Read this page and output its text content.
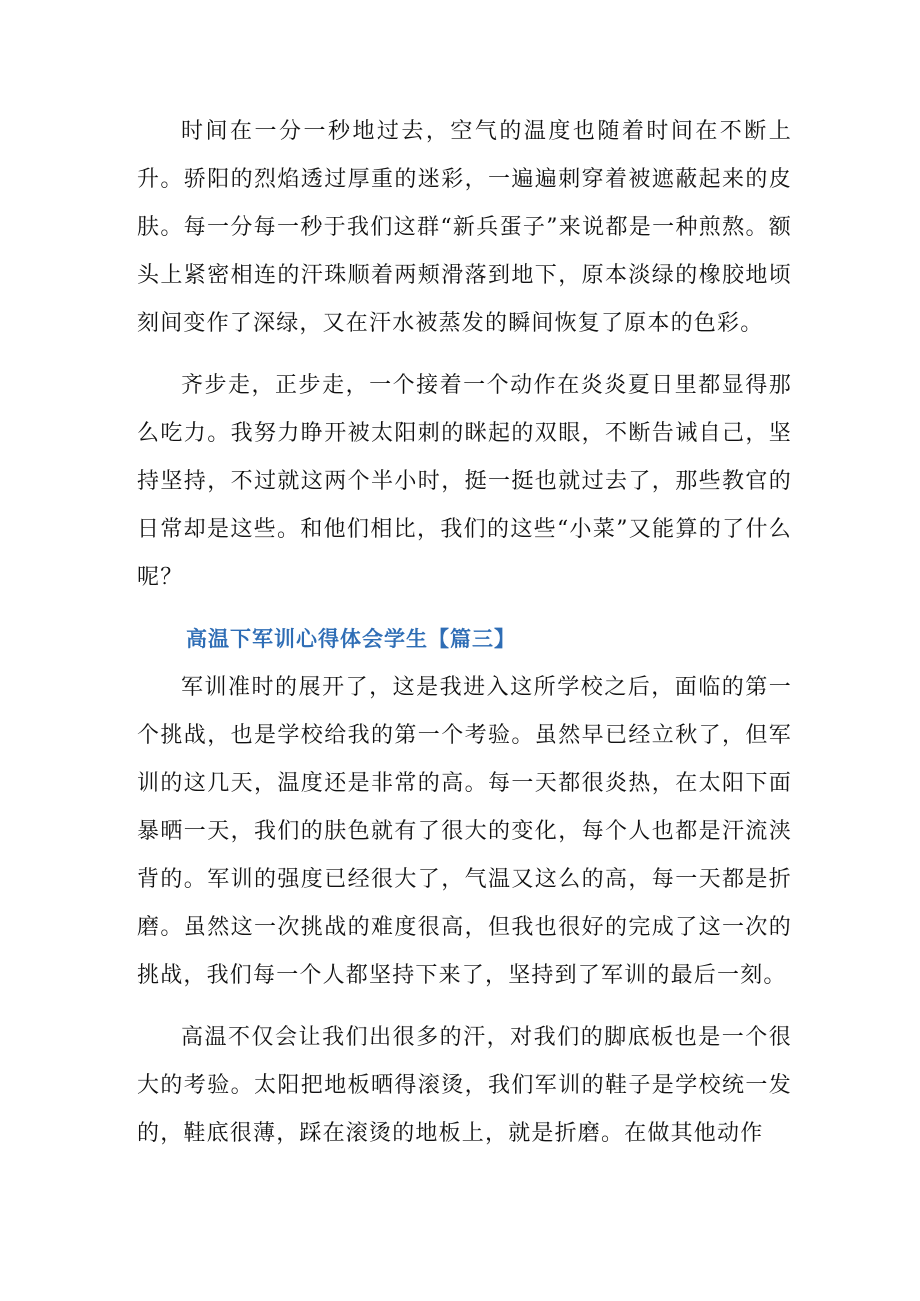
时间在一分一秒地过去，空气的温度也随着时间在不断上升。骄阳的烈焰透过厚重的迷彩，一遍遍刺穿着被遮蔽起来的皮肤。每一分每一秒于我们这群“新兵蛋子”来说都是一种煎熬。额头上紧密相连的汗珠顺着两颊滑落到地下，原本淡绿的橡胶地顷刻间变作了深绿，又在汗水被蒸发的瞬间恢复了原本的色彩。

齐步走，正步走，一个接着一个动作在炎炎夏日里都显得那么吃力。我努力睁开被太阳刺的眯起的双眼，不断告诫自己，坚持坚持，不过就这两个半小时，挺一挺也就过去了，那些教官的日常却是这些。和他们相比，我们的这些“小菜”又能算的了什么呢？

高温下军训心得体会学生【篇三】

军训准时的展开了，这是我进入这所学校之后，面临的第一个挑战，也是学校给我的第一个考验。虽然早已经立秋了，但军训的这几天，温度还是非常的高。每一天都很炎热，在太阳下面暴晒一天，我们的肤色就有了很大的变化，每个人也都是汗流浃背的。军训的强度已经很大了，气温又这么的高，每一天都是折磨。虽然这一次挑战的难度很高，但我也很好的完成了这一次的挑战，我们每一个人都坚持下来了，坚持到了军训的最后一刻。

高温不仅会让我们出很多的汗，对我们的脚底板也是一个很大的考验。太阳把地板晒得滚烫，我们军训的鞋子是学校统一发的，鞋底很薄，踩在滚烫的地板上，就是折磨。在做其他动作
